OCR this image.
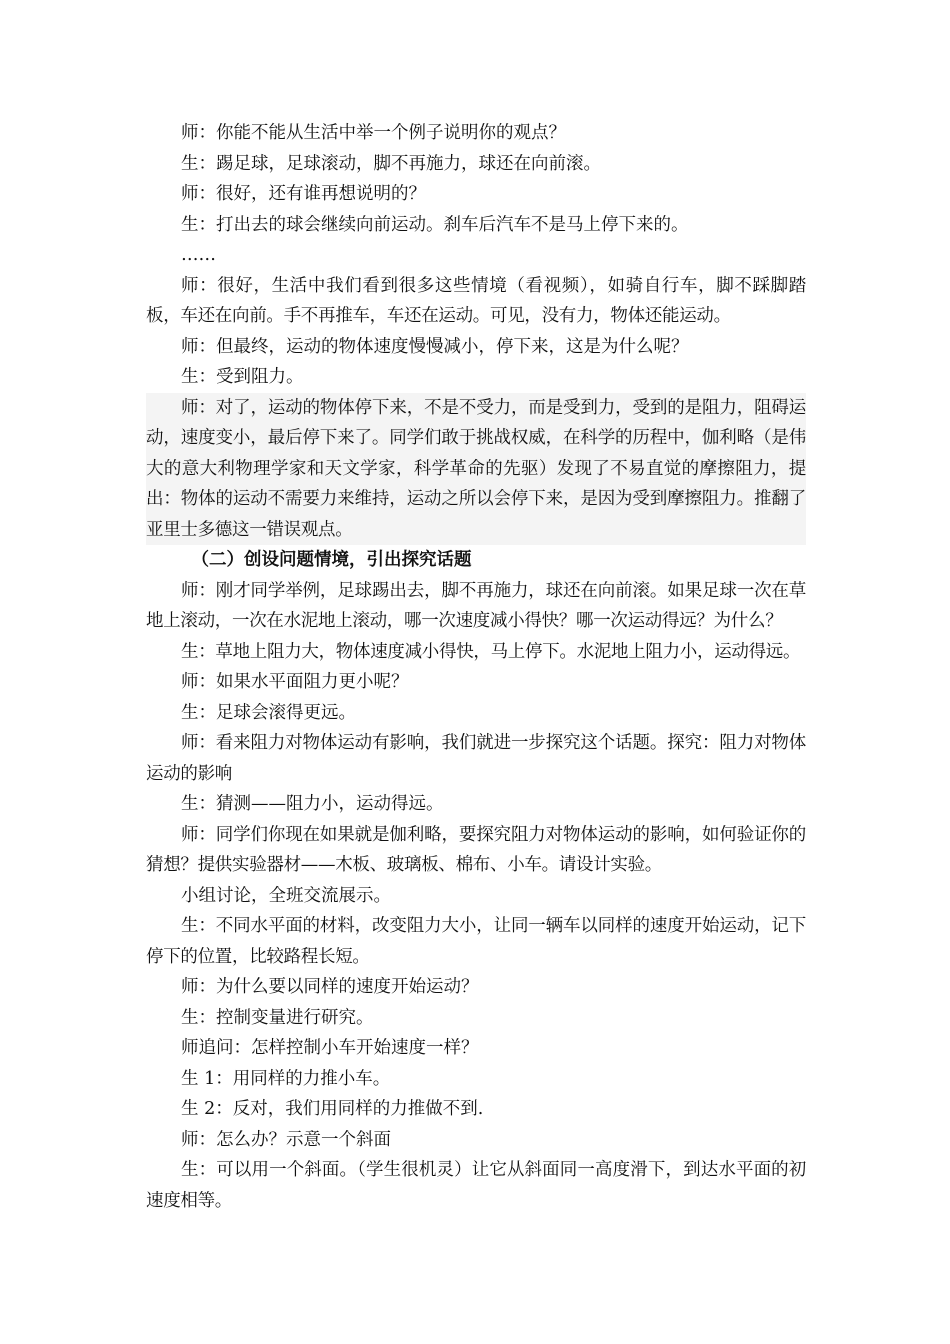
师：你能不能从生活中举一个例子说明你的观点？

生：踢足球，足球滚动，脚不再施力，球还在向前滚。

师：很好，还有谁再想说明的？

生：打出去的球会继续向前运动。刹车后汽车不是马上停下来的。

……

师：很好，生活中我们看到很多这些情境（看视频），如骑自行车，脚不踩脚踏板，车还在向前。手不再推车，车还在运动。可见，没有力，物体还能运动。

师：但最终，运动的物体速度慢慢减小，停下来，这是为什么呢？

生：受到阻力。

师：对了，运动的物体停下来，不是不受力，而是受到力，受到的是阻力，阻碍运动，速度变小，最后停下来了。同学们敢于挑战权威，在科学的历程中，伽利略（是伟大的意大利物理学家和天文学家，科学革命的先驱）发现了不易直觉的摩擦阻力，提出：物体的运动不需要力来维持，运动之所以会停下来，是因为受到摩擦阻力。推翻了亚里士多德这一错误观点。

（二）创设问题情境，引出探究话题

师：刚才同学举例，足球踢出去，脚不再施力，球还在向前滚。如果足球一次在草地上滚动，一次在水泥地上滚动，哪一次速度减小得快？哪一次运动得远？为什么？

生：草地上阻力大，物体速度减小得快，马上停下。水泥地上阻力小，运动得远。

师：如果水平面阻力更小呢？

生：足球会滚得更远。

师：看来阻力对物体运动有影响，我们就进一步探究这个话题。探究：阻力对物体运动的影响

生：猜测——阻力小，运动得远。

师：同学们你现在如果就是伽利略，要探究阻力对物体运动的影响，如何验证你的猜想？提供实验器材——木板、玻璃板、棉布、小车。请设计实验。

小组讨论，全班交流展示。

生：不同水平面的材料，改变阻力大小，让同一辆车以同样的速度开始运动，记下停下的位置，比较路程长短。

师：为什么要以同样的速度开始运动？

生：控制变量进行研究。

师追问：怎样控制小车开始速度一样？

生 1：用同样的力推小车。

生 2：反对，我们用同样的力推做不到.

师：怎么办？示意一个斜面

生：可以用一个斜面。（学生很机灵）让它从斜面同一高度滑下，到达水平面的初速度相等。
